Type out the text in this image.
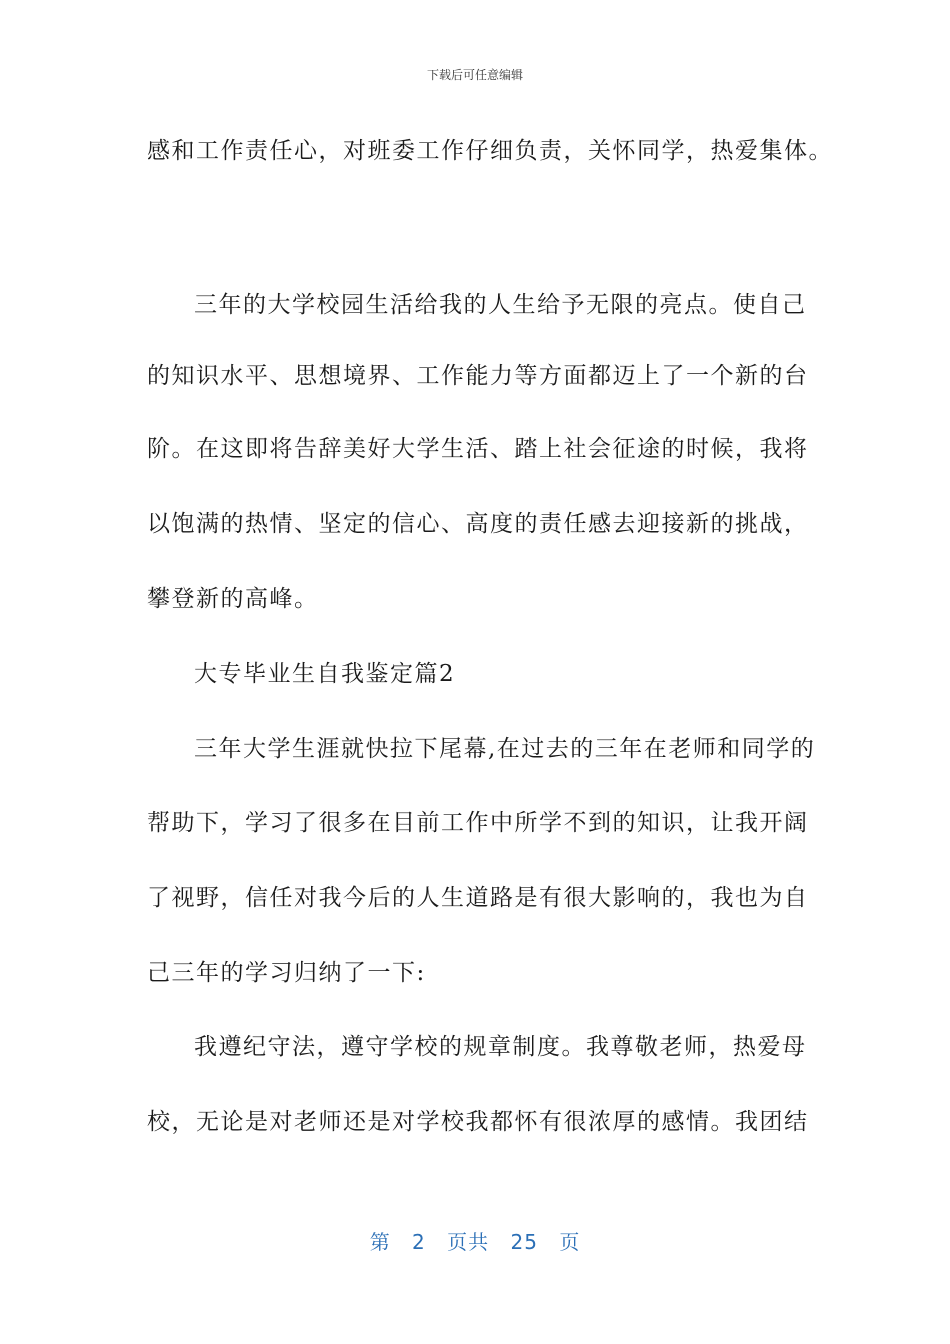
下载后可任意编辑
感和工作责任心，对班委工作仔细负责，关怀同学，热爱集体。
三年的大学校园生活给我的人生给予无限的亮点。使自己
的知识水平、思想境界、工作能力等方面都迈上了一个新的台
阶。在这即将告辞美好大学生活、踏上社会征途的时候，我将
以饱满的热情、坚定的信心、高度的责任感去迎接新的挑战，
攀登新的高峰。
大专毕业生自我鉴定篇2
三年大学生涯就快拉下尾幕,在过去的三年在老师和同学的
帮助下，学习了很多在目前工作中所学不到的知识，让我开阔
了视野，信任对我今后的人生道路是有很大影响的，我也为自
己三年的学习归纳了一下:
我遵纪守法，遵守学校的规章制度。我尊敬老师，热爱母
校，无论是对老师还是对学校我都怀有很浓厚的感情。我团结
第 2 页共 25 页
